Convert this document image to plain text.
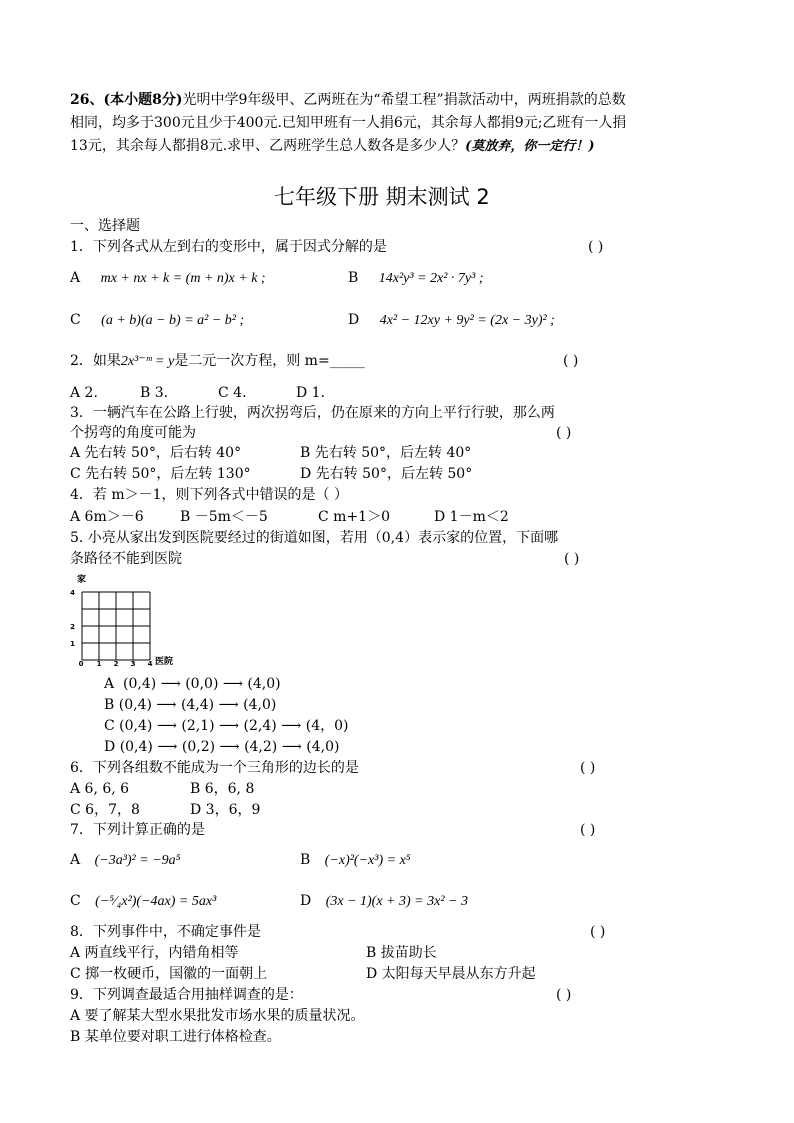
26、(本小题8分)光明中学9年级甲、乙两班在为“希望工程”捐款活动中，两班捐款的总数
相同，均多于300元且少于400元.已知甲班有一人捐6元，其余每人都捐9元;乙班有一人捐
13元，其余每人都捐8元.求甲、乙两班学生总人数各是多少人？(莫放弃，你一定行！)
七年级下册 期末测试 2
一、选择题
1．下列各式从左到右的变形中，属于因式分解的是	( )
A mx + nx + k = (m + n)x + k ;	B 14x²y³ = 2x² · 7y³ ;
C (a + b)(a − b) = a² − b² ;	D 4x² − 12xy + 9y² = (2x − 3y)² ;
2．如果2x³⁻ᵐ = y是二元一次方程，则 m=_____	( )
A 2.	B 3.	C 4.	D 1.
3．一辆汽车在公路上行驶，两次拐弯后，仍在原来的方向上平行行驶，那么两
个拐弯的角度可能为	( )
A 先右转 50°，后右转 40°	B 先右转 50°，后左转 40°
C 先右转 50°，后左转 130°	D 先右转 50°，后左转 50°
4．若 m＞－1，则下列各式中错误的是（ ）
A 6m＞－6	B －5m＜－5	C m+1＞0	D 1－m＜2
5. 小亮从家出发到医院要经过的街道如图，若用（0,4）表示家的位置，下面哪
条路径不能到医院	( )
家
4
2
1
0 1 2 3 4 医院
A (0,4) ⟶ (0,0) ⟶ (4,0)
B (0,4) ⟶ (4,4) ⟶ (4,0)
C (0,4) ⟶ (2,1) ⟶ (2,4) ⟶ (4，0)
D (0,4) ⟶ (0,2) ⟶ (4,2) ⟶ (4,0)
6．下列各组数不能成为一个三角形的边长的是	( )
A 6, 6, 6	B 6，6, 8
C 6，7，8	D 3，6，9
7．下列计算正确的是	( )
A (−3a³)² = −9a⁵	B (−x)²(−x³) = x⁵
C (−⁵⁄₄x²)(−4ax) = 5ax³	D (3x − 1)(x + 3) = 3x² − 3
8．下列事件中，不确定事件是	( )
A 两直线平行，内错角相等	B 拔苗助长
C 掷一枚硬币，国徽的一面朝上	D 太阳每天早晨从东方升起
9．下列调查最适合用抽样调查的是：	( )
A 要了解某大型水果批发市场水果的质量状况。
B 某单位要对职工进行体格检查。
